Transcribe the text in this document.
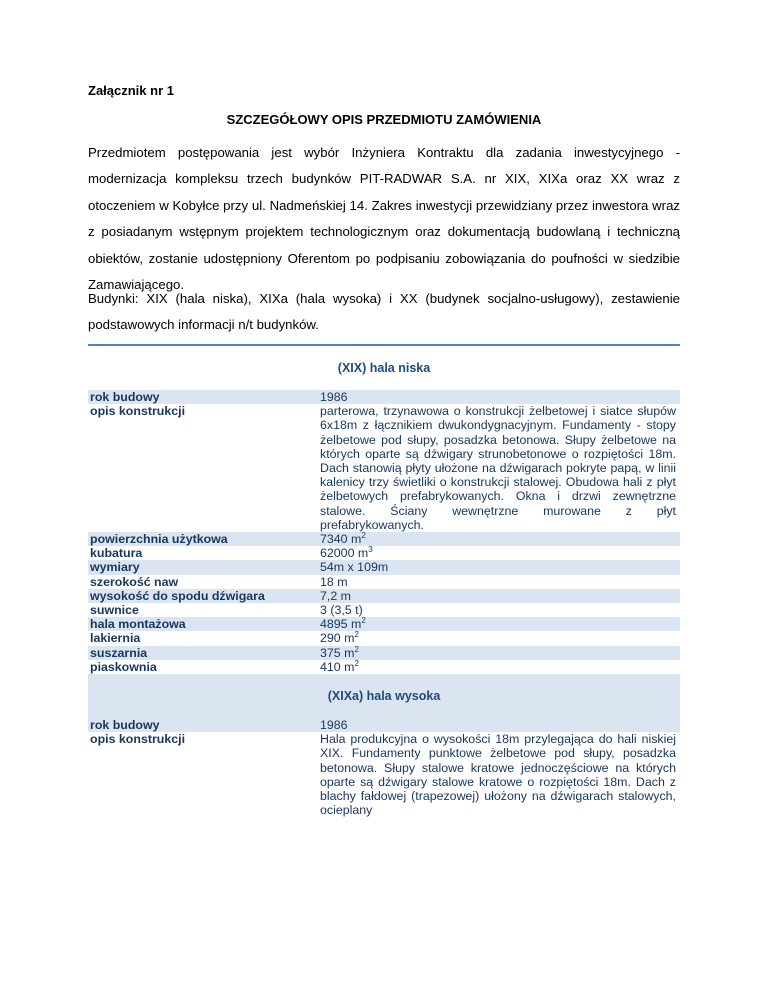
Załącznik nr 1
SZCZEGÓŁOWY OPIS PRZEDMIOTU ZAMÓWIENIA

Przedmiotem postępowania jest wybór Inżyniera Kontraktu dla zadania inwestycyjnego - modernizacja kompleksu trzech budynków PIT-RADWAR S.A. nr XIX, XIXa oraz XX wraz z otoczeniem w Kobyłce przy ul. Nadmeńskiej 14. Zakres inwestycji przewidziany przez inwestora wraz z posiadanym wstępnym projektem technologicznym oraz dokumentacją budowlaną i techniczną obiektów, zostanie udostępniony Oferentom po podpisaniu zobowiązania do poufności w siedzibie Zamawiającego.

Budynki: XIX (hala niska), XIXa (hala wysoka) i XX (budynek socjalno-usługowy), zestawienie podstawowych informacji n/t budynków.

(XIX) hala niska
rok budowy	1986
opis konstrukcji	parterowa, trzynawowa o konstrukcji żelbetowej i siatce słupów 6x18m z łącznikiem dwukondygnacyjnym. Fundamenty - stopy żelbetowe pod słupy, posadzka betonowa. Słupy żelbetowe na których oparte są dźwigary strunobetonowe o rozpiętości 18m. Dach stanowią płyty ułożone na dźwigarach pokryte papą, w linii kalenicy trzy świetliki o konstrukcji stalowej. Obudowa hali z płyt żelbetowych prefabrykowanych. Okna i drzwi zewnętrzne stalowe. Ściany wewnętrzne murowane z płyt prefabrykowanych.
powierzchnia użytkowa	7340 $m^2$
kubatura	62000 $m^3$
wymiary	54m x 109m
szerokość naw	18 m
wysokość do spodu dźwigara	7,2 m
suwnice	3 (3,5 t)
hala montażowa	4895 $m^2$
lakiernia	290 $m^2$
suszarnia	375 $m^2$
piaskownia	410 $m^2$
(XIXa) hala wysoka
rok budowy	1986
opis konstrukcji	Hala produkcyjna o wysokości 18m przylegająca do hali niskiej XIX. Fundamenty punktowe żelbetowe pod słupy, posadzka betonowa. Słupy stalowe kratowe jednoczęściowe na których oparte są dźwigary stalowe kratowe o rozpiętości 18m. Dach z blachy fałdowej (trapezowej) ułożony na dźwigarach stalowych, ocieplany
